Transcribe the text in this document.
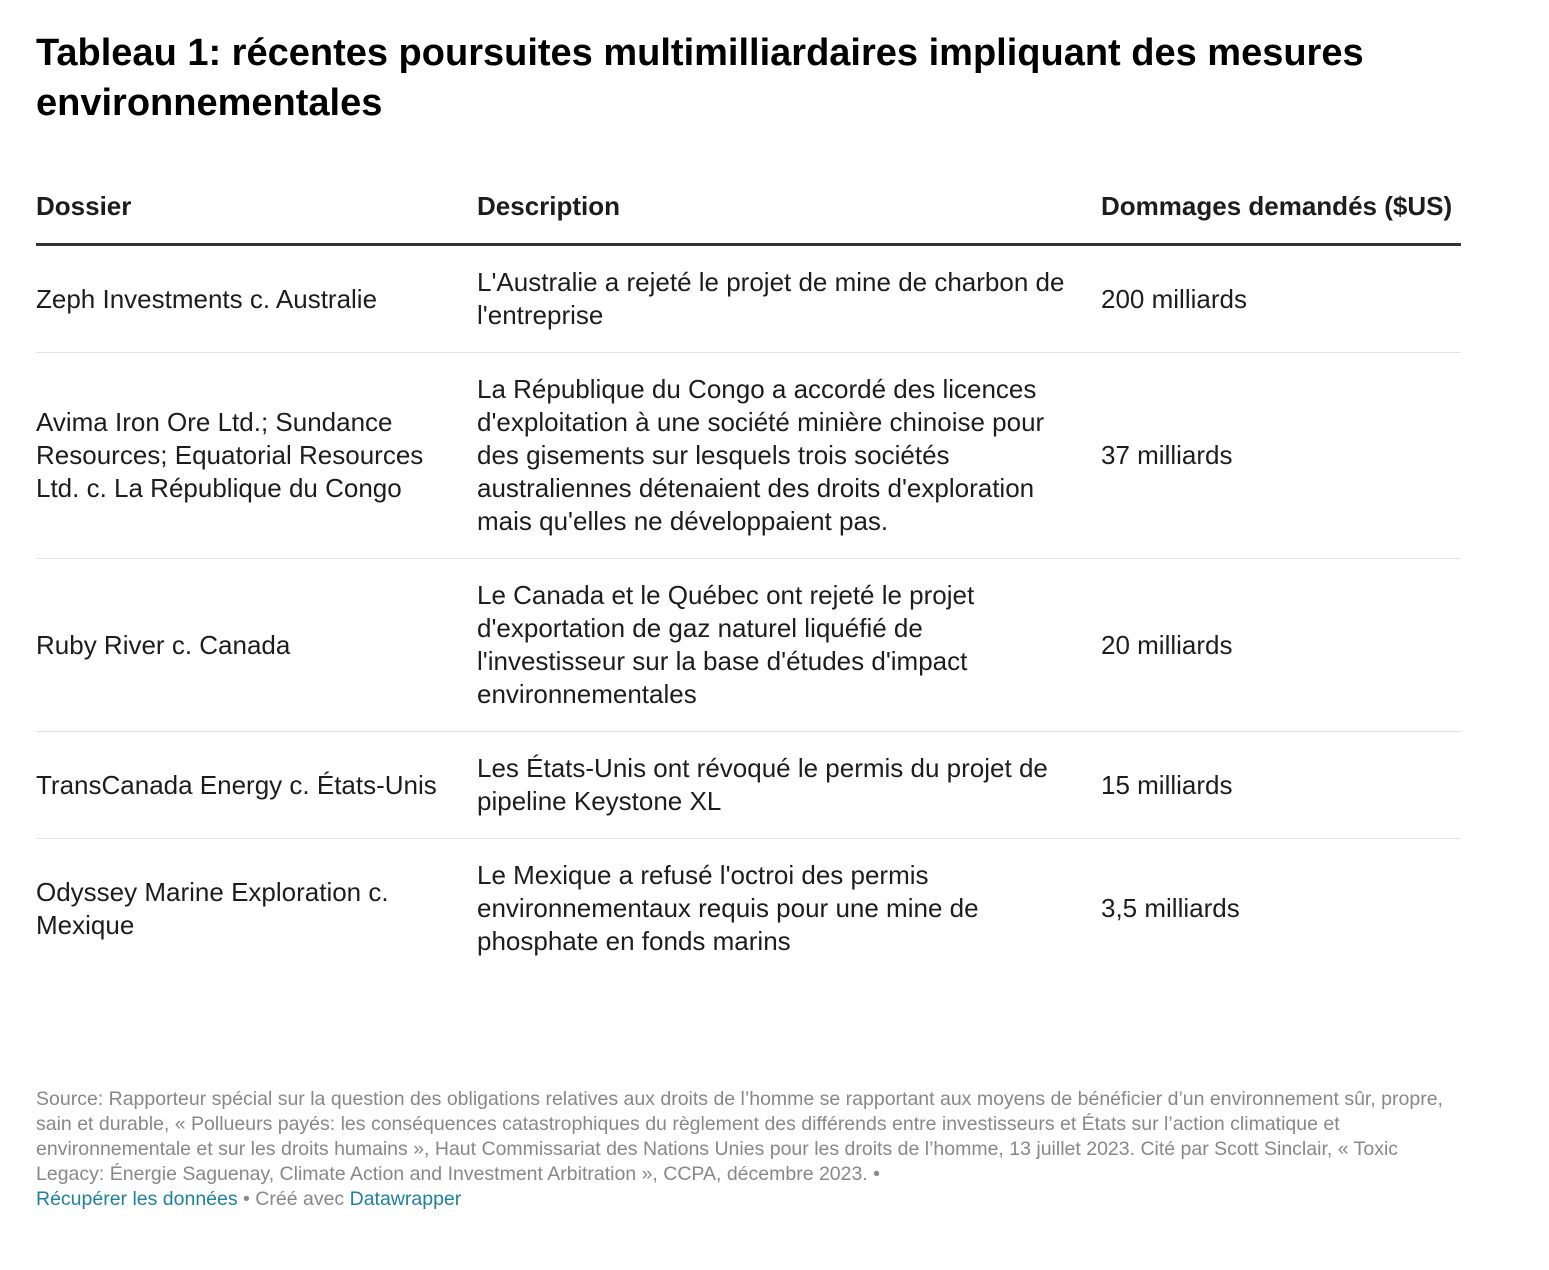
Tableau 1: récentes poursuites multimilliardaires impliquant des mesures environnementales
Dossier	Description	Dommages demandés ($US)
Zeph Investments c. Australie	L'Australie a rejeté le projet de mine de charbon de l'entreprise	200 milliards
Avima Iron Ore Ltd.; Sundance Resources; Equatorial Resources Ltd. c. La République du Congo	La République du Congo a accordé des licences d'exploitation à une société minière chinoise pour des gisements sur lesquels trois sociétés australiennes détenaient des droits d'exploration mais qu'elles ne développaient pas.	37 milliards
Ruby River c. Canada	Le Canada et le Québec ont rejeté le projet d'exportation de gaz naturel liquéfié de l'investisseur sur la base d'études d'impact environnementales	20 milliards
TransCanada Energy c. États-Unis	Les États-Unis ont révoqué le permis du projet de pipeline Keystone XL	15 milliards
Odyssey Marine Exploration c. Mexique	Le Mexique a refusé l'octroi des permis environnementaux requis pour une mine de phosphate en fonds marins	3,5 milliards
Source: Rapporteur spécial sur la question des obligations relatives aux droits de l’homme se rapportant aux moyens de bénéficier d’un environnement sûr, propre, sain et durable, « Pollueurs payés: les conséquences catastrophiques du règlement des différends entre investisseurs et États sur l’action climatique et environnementale et sur les droits humains », Haut Commissariat des Nations Unies pour les droits de l’homme, 13 juillet 2023. Cité par Scott Sinclair, « Toxic Legacy: Énergie Saguenay, Climate Action and Investment Arbitration », CCPA, décembre 2023. •
Récupérer les données • Créé avec Datawrapper
